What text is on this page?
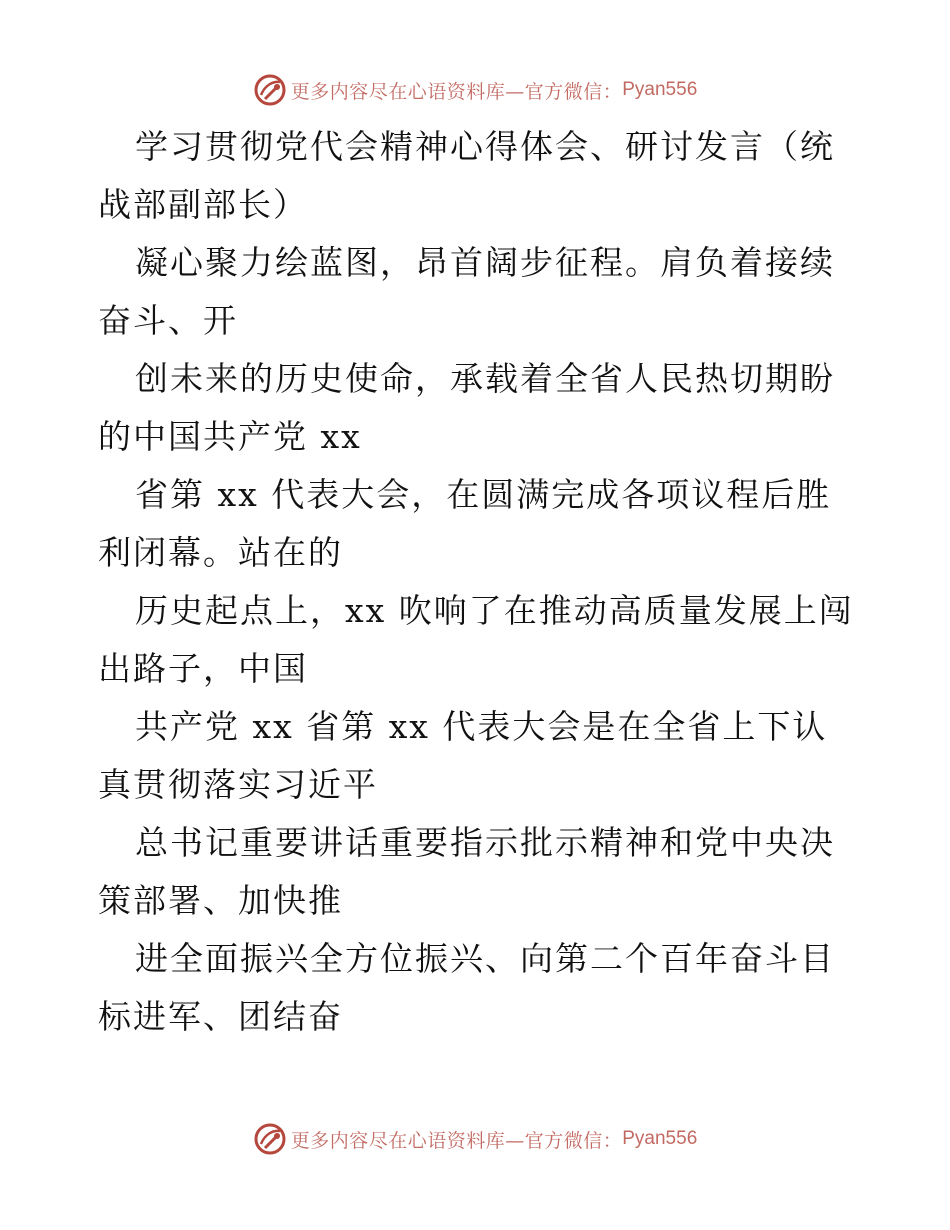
更多内容尽在心语资料库—官方微信： Pyan556

学习贯彻党代会精神心得体会、研讨发言（统战部副部长）

凝心聚力绘蓝图，昂首阔步征程。肩负着接续奋斗、开

创未来的历史使命，承载着全省人民热切期盼的中国共产党 xx

省第 xx 代表大会，在圆满完成各项议程后胜利闭幕。站在的

历史起点上，xx 吹响了在推动高质量发展上闯出路子，中国

共产党 xx 省第 xx 代表大会是在全省上下认真贯彻落实习近平

总书记重要讲话重要指示批示精神和党中央决策部署、加快推

进全面振兴全方位振兴、向第二个百年奋斗目标进军、团结奋

更多内容尽在心语资料库—官方微信： Pyan556
